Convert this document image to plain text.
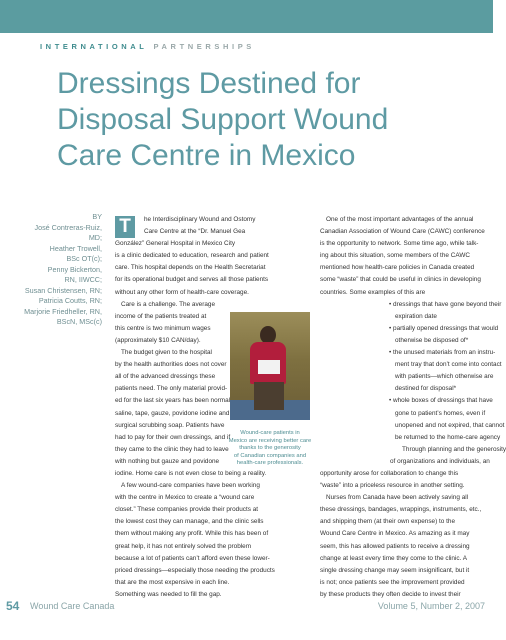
INTERNATIONAL PARTNERSHIPS
Dressings Destined for
Disposal Support Wound
Care Centre in Mexico
BY
José Contreras-Ruiz,
MD;
Heather Trowell,
BSc OT(c);
Penny Bickerton,
RN, IIWCC;
Susan Christensen, RN;
Patricia Coutts, RN;
Marjorie Friedheller, RN,
BScN, MSc(c)
T	he Interdisciplinary Wound and Ostomy

Care Centre at the “Dr. Manuel Gea

González” General Hospital in Mexico City

is a clinic dedicated to education, research and patient

care. This hospital depends on the Health Secretariat

for its operational budget and serves all those patients

without any other form of health-care coverage.

Care is a challenge. The average

income of the patients treated at

this centre is two minimum wages

(approximately $10 CAN/day).

The budget given to the hospital

by the health authorities does not cover

all of the advanced dressings these

patients need. The only material provid-

ed for the last six years has been normal

saline, tape, gauze, povidone iodine and

surgical scrubbing soap. Patients have

had to pay for their own dressings, and if

they came to the clinic they had to leave

with nothing but gauze and povidone

iodine. Home care is not even close to being a reality.

A few wound-care companies have been working

with the centre in Mexico to create a “wound care

closet.” These companies provide their products at

the lowest cost they can manage, and the clinic sells

them without making any profit. While this has been of

great help, it has not entirely solved the problem

because a lot of patients can’t afford even these lower-

priced dressings—especially those needing the products

that are the most expensive in each line.

Something was needed to fill the gap.

One of the most important advantages of the annual

Canadian Association of Wound Care (CAWC) conference

is the opportunity to network. Some time ago, while talk-

ing about this situation, some members of the CAWC

mentioned how health-care policies in Canada created

some “waste” that could be useful in clinics in developing

countries. Some examples of this are

• dressings that have gone beyond their

expiration date

• partially opened dressings that would

otherwise be disposed of*

• the unused materials from an instru-

ment tray that don’t come into contact

with patients—which otherwise are

destined for disposal*

• whole boxes of dressings that have

gone to patient’s homes, even if

unopened and not expired, that cannot

be returned to the home-care agency

Through planning and the generosity

of organizations and individuals, an

opportunity arose for collaboration to change this

“waste” into a priceless resource in another setting.

Nurses from Canada have been actively saving all

these dressings, bandages, wrappings, instruments, etc.,

and shipping them (at their own expense) to the

Wound Care Centre in Mexico. As amazing as it may

seem, this has allowed patients to receive a dressing

change at least every time they come to the clinic. A

single dressing change may seem insignificant, but it

is not; once patients see the improvement provided

by these products they often decide to invest their

Wound-care patients in
Mexico are receiving better care
thanks to the generosity
of Canadian companies and
health-care professionals.
54 Wound Care Canada	Volume 5, Number 2, 2007
